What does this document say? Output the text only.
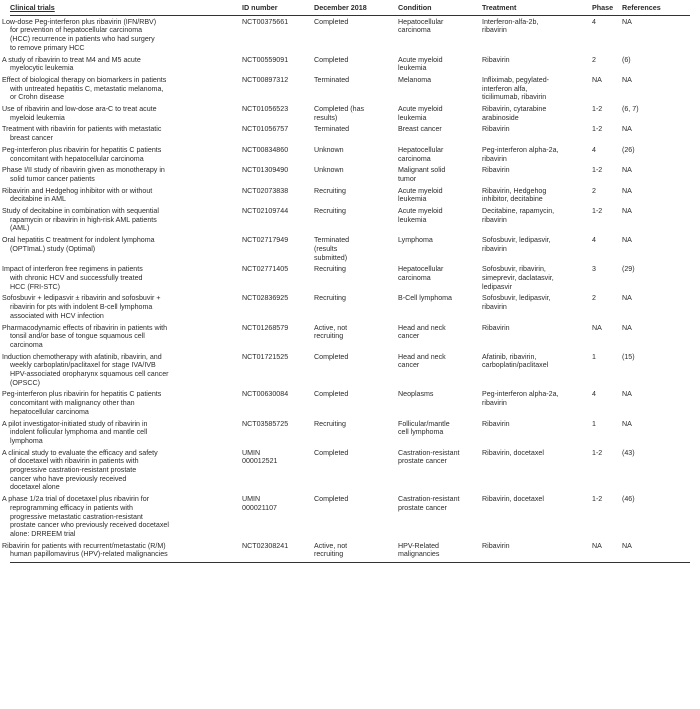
Clinical trials	ID number	December 2018	Condition	Treatment	Phase	References
Low-dose Peg-interferon plus ribavirin (IFN/RBV)
for prevention of hepatocellular carcinoma
(HCC) recurrence in patients who had surgery
to remove primary HCC	NCT00375661	Completed	Hepatocellular
carcinoma	Interferon-alfa-2b,
ribavirin	4	NA
A study of ribavirin to treat M4 and M5 acute
myelocytic leukemia	NCT00559091	Completed	Acute myeloid
leukemia	Ribavirin	2	(6)
Effect of biological therapy on biomarkers in patients
with untreated hepatitis C, metastatic melanoma,
or Crohn disease	NCT00897312	Terminated	Melanoma	Infliximab, pegylated-
interferon alfa,
ticilimumab, ribavirin	NA	NA
Use of ribavirin and low-dose ara-C to treat acute
myeloid leukemia	NCT01056523	Completed (has
results)	Acute myeloid
leukemia	Ribavirin, cytarabine
arabinoside	1-2	(6, 7)
Treatment with ribavirin for patients with metastatic
breast cancer	NCT01056757	Terminated	Breast cancer	Ribavirin	1-2	NA
Peg-interferon plus ribavirin for hepatitis C patients
concomitant with hepatocellular carcinoma	NCT00834860	Unknown	Hepatocellular
carcinoma	Peg-interferon alpha-2a,
ribavirin	4	(26)
Phase I/II study of ribavirin given as monotherapy in
solid tumor cancer patients	NCT01309490	Unknown	Malignant solid
tumor	Ribavirin	1-2	NA
Ribavirin and Hedgehog inhibitor with or without
decitabine in AML	NCT02073838	Recruiting	Acute myeloid
leukemia	Ribavirin, Hedgehog
inhibitor, decitabine	2	NA
Study of decitabine in combination with sequential
rapamycin or ribavirin in high-risk AML patients
(AML)	NCT02109744	Recruiting	Acute myeloid
leukemia	Decitabine, rapamycin,
ribavirin	1-2	NA
Oral hepatitis C treatment for indolent lymphoma
(OPTImaL) study (Optimal)	NCT02717949	Terminated
(results
submitted)	Lymphoma	Sofosbuvir, ledipasvir,
ribavirin	4	NA
Impact of interferon free regimens in patients
with chronic HCV and successfully treated
HCC (FRI-STC)	NCT02771405	Recruiting	Hepatocellular
carcinoma	Sofosbuvir, ribavirin,
simeprevir, daclatasvir,
ledipasvir	3	(29)
Sofosbuvir + ledipasvir ± ribavirin and sofosbuvir +
ribavirin for pts with indolent B-cell lymphoma
associated with HCV infection	NCT02836925	Recruiting	B-Cell lymphoma	Sofosbuvir, ledipasvir,
ribavirin	2	NA
Pharmacodynamic effects of ribavirin in patients with
tonsil and/or base of tongue squamous cell
carcinoma	NCT01268579	Active, not
recruiting	Head and neck
cancer	Ribavirin	NA	NA
Induction chemotherapy with afatinib, ribavirin, and
weekly carboplatin/paclitaxel for stage IVA/IVB
HPV-associated oropharynx squamous cell cancer
(OPSCC)	NCT01721525	Completed	Head and neck
cancer	Afatinib, ribavirin,
carboplatin/paclitaxel	1	(15)
Peg-interferon plus ribavirin for hepatitis C patients
concomitant with malignancy other than
hepatocellular carcinoma	NCT00630084	Completed	Neoplasms	Peg-interferon alpha-2a,
ribavirin	4	NA
A pilot investigator-initiated study of ribavirin in
indolent follicular lymphoma and mantle cell
lymphoma	NCT03585725	Recruiting	Follicular/mantle
cell lymphoma	Ribavirin	1	NA
A clinical study to evaluate the efficacy and safety
of docetaxel with ribavirin in patients with
progressive castration-resistant prostate
cancer who have previously received
docetaxel alone	UMIN
000012521	Completed	Castration-resistant
prostate cancer	Ribavirin, docetaxel	1-2	(43)
A phase 1/2a trial of docetaxel plus ribavirin for
reprogramming efficacy in patients with
progressive metastatic castration-resistant
prostate cancer who previously received docetaxel
alone: DRREEM trial	UMIN
000021107	Completed	Castration-resistant
prostate cancer	Ribavirin, docetaxel	1-2	(46)
Ribavirin for patients with recurrent/metastatic (R/M)
human papillomavirus (HPV)-related malignancies	NCT02308241	Active, not
recruiting	HPV-Related
malignancies	Ribavirin	NA	NA
